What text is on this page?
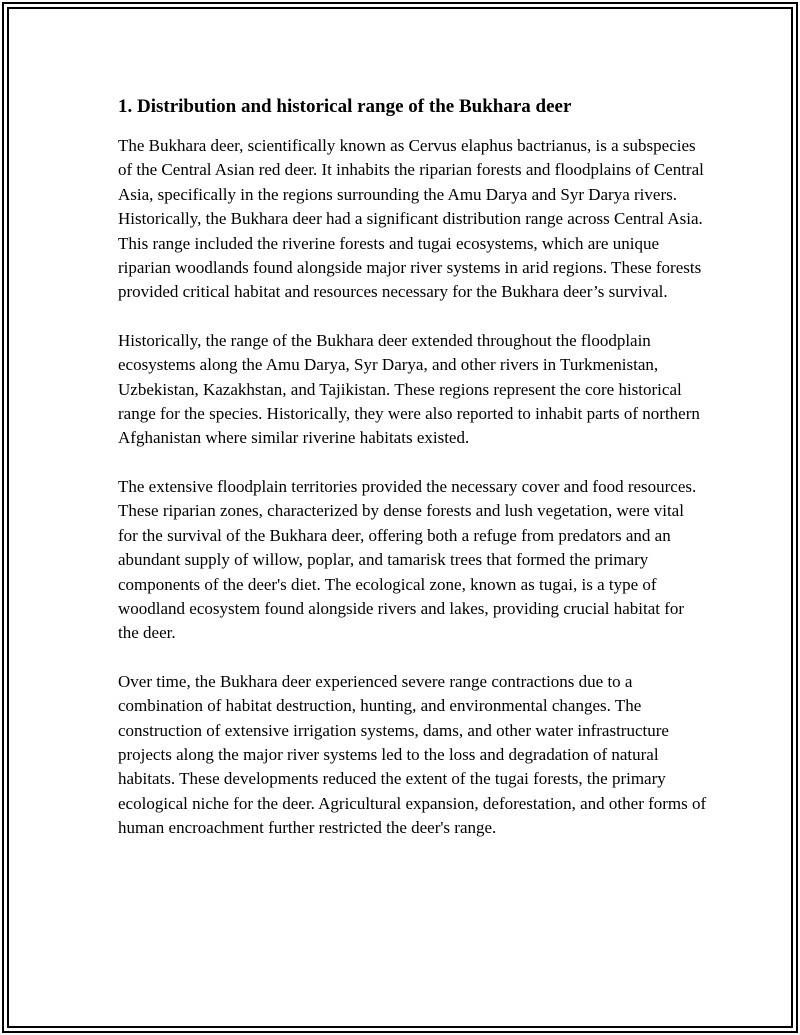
1. Distribution and historical range of the Bukhara deer

The Bukhara deer, scientifically known as Cervus elaphus bactrianus, is a subspecies of the Central Asian red deer. It inhabits the riparian forests and floodplains of Central Asia, specifically in the regions surrounding the Amu Darya and Syr Darya rivers. Historically, the Bukhara deer had a significant distribution range across Central Asia. This range included the riverine forests and tugai ecosystems, which are unique riparian woodlands found alongside major river systems in arid regions. These forests provided critical habitat and resources necessary for the Bukhara deer’s survival.

Historically, the range of the Bukhara deer extended throughout the floodplain ecosystems along the Amu Darya, Syr Darya, and other rivers in Turkmenistan, Uzbekistan, Kazakhstan, and Tajikistan. These regions represent the core historical range for the species. Historically, they were also reported to inhabit parts of northern Afghanistan where similar riverine habitats existed.

The extensive floodplain territories provided the necessary cover and food resources. These riparian zones, characterized by dense forests and lush vegetation, were vital for the survival of the Bukhara deer, offering both a refuge from predators and an abundant supply of willow, poplar, and tamarisk trees that formed the primary components of the deer's diet. The ecological zone, known as tugai, is a type of woodland ecosystem found alongside rivers and lakes, providing crucial habitat for the deer.

Over time, the Bukhara deer experienced severe range contractions due to a combination of habitat destruction, hunting, and environmental changes. The construction of extensive irrigation systems, dams, and other water infrastructure projects along the major river systems led to the loss and degradation of natural habitats. These developments reduced the extent of the tugai forests, the primary ecological niche for the deer. Agricultural expansion, deforestation, and other forms of human encroachment further restricted the deer's range.
